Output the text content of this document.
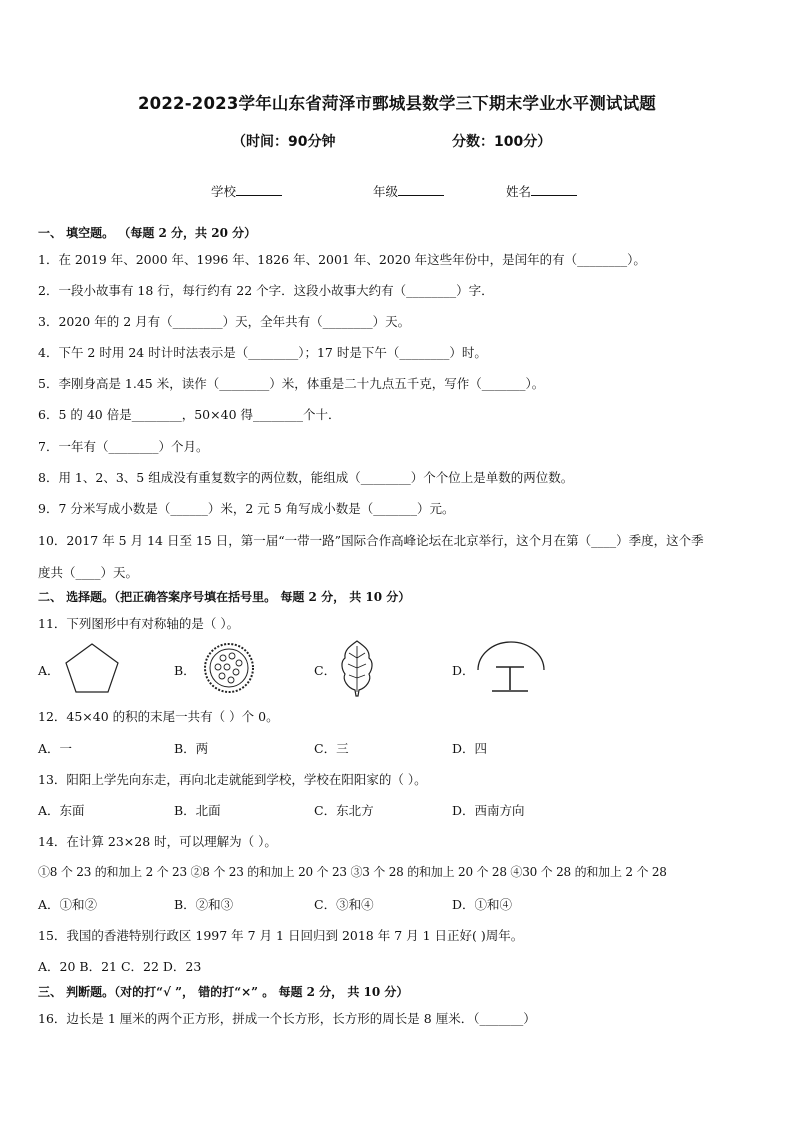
2022-2023学年山东省菏泽市鄄城县数学三下期末学业水平测试试题
（时间：90分钟	分数：100分）
学校	年级	姓名
一、 填空题。 （每题 2 分，共 20 分）
1．在 2019 年、2000 年、1996 年、1826 年、2001 年、2020 年这些年份中，是闰年的有（________）。
2．一段小故事有 18 行，每行约有 22 个字．这段小故事大约有（________）字．
3．2020 年的 2 月有（________）天，全年共有（________）天。
4．下午 2 时用 24 时计时法表示是（________）；17 时是下午（________）时。
5．李刚身高是 1.45 米，读作（________）米，体重是二十九点五千克，写作（_______）。
6．5 的 40 倍是________，50×40 得________个十．
7．一年有（________）个月。
8．用 1、2、3、5 组成没有重复数字的两位数，能组成（________）个个位上是单数的两位数。
9．7 分米写成小数是（______）米，2 元 5 角写成小数是（_______）元。
10．2017 年 5 月 14 日至 15 日，第一届“一带一路”国际合作高峰论坛在北京举行，这个月在第（____）季度，这个季
度共（____）天。
二、 选择题。（把正确答案序号填在括号里。 每题 2 分， 共 10 分）
11．下列图形中有对称轴的是（ ）。
A．	B．	C．	D．
12．45×40 的积的末尾一共有（ ）个 0。
A．一	B．两	C．三	D．四
13．阳阳上学先向东走，再向北走就能到学校，学校在阳阳家的（ ）。
A．东面	B．北面	C．东北方	D．西南方向
14．在计算 23×28 时，可以理解为（ ）。
①8 个 23 的和加上 2 个 23 ②8 个 23 的和加上 20 个 23 ③3 个 28 的和加上 20 个 28 ④30 个 28 的和加上 2 个 28
A．①和②	B．②和③	C．③和④	D．①和④
15．我国的香港特别行政区 1997 年 7 月 1 日回归到 2018 年 7 月 1 日正好( )周年。
A．20 B．21 C．22 D．23
三、 判断题。（对的打“√ ”， 错的打“×” 。 每题 2 分， 共 10 分）
16．边长是 1 厘米的两个正方形，拼成一个长方形，长方形的周长是 8 厘米．（_______）
